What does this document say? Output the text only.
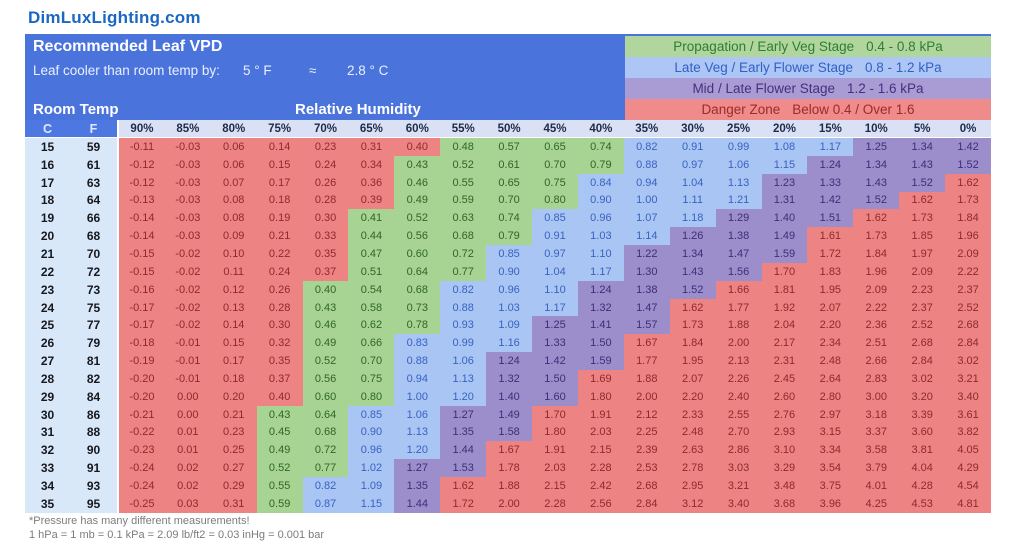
DimLuxLighting.com
Recommended Leaf VPD
Leaf cooler than room temp by: 5 ° F	≈ 2.8 ° C
Room Temp	Relative Humidity
Propagation / Early Veg Stage 0.4 - 0.8 kPa
Late Veg / Early Flower Stage 0.8 - 1.2 kPa
Mid / Late Flower Stage 1.2 - 1.6 kPa
Danger Zone Below 0.4 / Over 1.6
C	F	90%	85%	80%	75%	70%	65%	60%	55%	50%	45%	40%	35%	30%	25%	20%	15%	10%	5%	0%
15	59	-0.11	-0.03	0.06	0.14	0.23	0.31	0.40	0.48	0.57	0.65	0.74	0.82	0.91	0.99	1.08	1.17	1.25	1.34	1.42
16	61	-0.12	-0.03	0.06	0.15	0.24	0.34	0.43	0.52	0.61	0.70	0.79	0.88	0.97	1.06	1.15	1.24	1.34	1.43	1.52
17	63	-0.12	-0.03	0.07	0.17	0.26	0.36	0.46	0.55	0.65	0.75	0.84	0.94	1.04	1.13	1.23	1.33	1.43	1.52	1.62
18	64	-0.13	-0.03	0.08	0.18	0.28	0.39	0.49	0.59	0.70	0.80	0.90	1.00	1.11	1.21	1.31	1.42	1.52	1.62	1.73
19	66	-0.14	-0.03	0.08	0.19	0.30	0.41	0.52	0.63	0.74	0.85	0.96	1.07	1.18	1.29	1.40	1.51	1.62	1.73	1.84
20	68	-0.14	-0.03	0.09	0.21	0.33	0.44	0.56	0.68	0.79	0.91	1.03	1.14	1.26	1.38	1.49	1.61	1.73	1.85	1.96
21	70	-0.15	-0.02	0.10	0.22	0.35	0.47	0.60	0.72	0.85	0.97	1.10	1.22	1.34	1.47	1.59	1.72	1.84	1.97	2.09
22	72	-0.15	-0.02	0.11	0.24	0.37	0.51	0.64	0.77	0.90	1.04	1.17	1.30	1.43	1.56	1.70	1.83	1.96	2.09	2.22
23	73	-0.16	-0.02	0.12	0.26	0.40	0.54	0.68	0.82	0.96	1.10	1.24	1.38	1.52	1.66	1.81	1.95	2.09	2.23	2.37
24	75	-0.17	-0.02	0.13	0.28	0.43	0.58	0.73	0.88	1.03	1.17	1.32	1.47	1.62	1.77	1.92	2.07	2.22	2.37	2.52
25	77	-0.17	-0.02	0.14	0.30	0.46	0.62	0.78	0.93	1.09	1.25	1.41	1.57	1.73	1.88	2.04	2.20	2.36	2.52	2.68
26	79	-0.18	-0.01	0.15	0.32	0.49	0.66	0.83	0.99	1.16	1.33	1.50	1.67	1.84	2.00	2.17	2.34	2.51	2.68	2.84
27	81	-0.19	-0.01	0.17	0.35	0.52	0.70	0.88	1.06	1.24	1.42	1.59	1.77	1.95	2.13	2.31	2.48	2.66	2.84	3.02
28	82	-0.20	-0.01	0.18	0.37	0.56	0.75	0.94	1.13	1.32	1.50	1.69	1.88	2.07	2.26	2.45	2.64	2.83	3.02	3.21
29	84	-0.20	0.00	0.20	0.40	0.60	0.80	1.00	1.20	1.40	1.60	1.80	2.00	2.20	2.40	2.60	2.80	3.00	3.20	3.40
30	86	-0.21	0.00	0.21	0.43	0.64	0.85	1.06	1.27	1.49	1.70	1.91	2.12	2.33	2.55	2.76	2.97	3.18	3.39	3.61
31	88	-0.22	0.01	0.23	0.45	0.68	0.90	1.13	1.35	1.58	1.80	2.03	2.25	2.48	2.70	2.93	3.15	3.37	3.60	3.82
32	90	-0.23	0.01	0.25	0.49	0.72	0.96	1.20	1.44	1.67	1.91	2.15	2.39	2.63	2.86	3.10	3.34	3.58	3.81	4.05
33	91	-0.24	0.02	0.27	0.52	0.77	1.02	1.27	1.53	1.78	2.03	2.28	2.53	2.78	3.03	3.29	3.54	3.79	4.04	4.29
34	93	-0.24	0.02	0.29	0.55	0.82	1.09	1.35	1.62	1.88	2.15	2.42	2.68	2.95	3.21	3.48	3.75	4.01	4.28	4.54
35	95	-0.25	0.03	0.31	0.59	0.87	1.15	1.44	1.72	2.00	2.28	2.56	2.84	3.12	3.40	3.68	3.96	4.25	4.53	4.81
*Pressure has many different measurements!
1 hPa = 1 mb = 0.1 kPa = 2.09 lb/ft2 = 0.03 inHg = 0.001 bar
